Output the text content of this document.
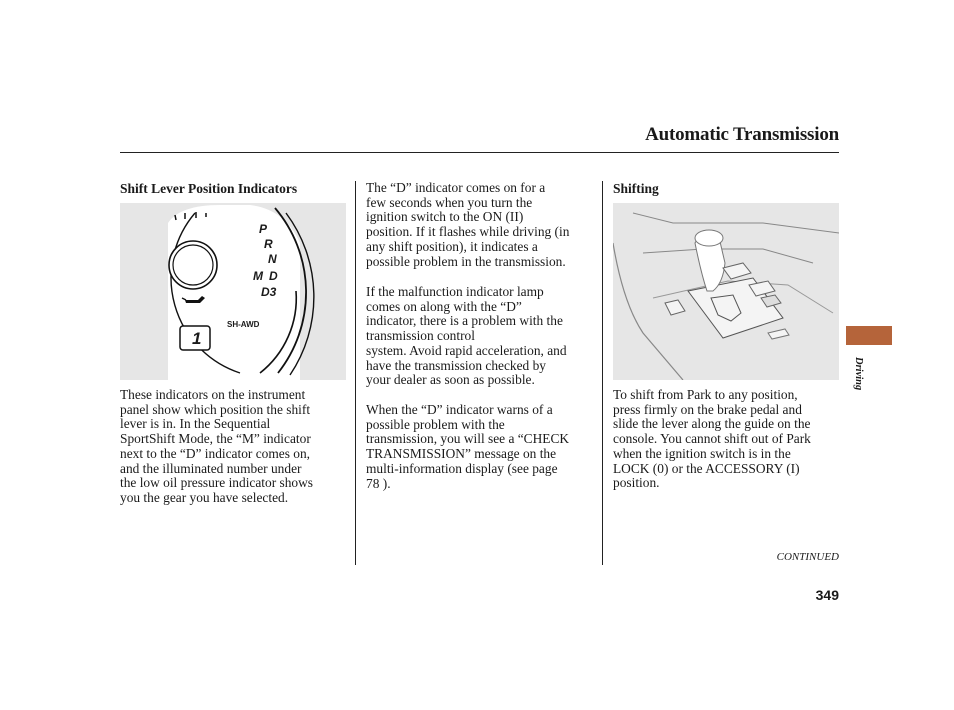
Automatic Transmission
Shift Lever Position Indicators
P
R
N
M D
D3
1
SH-AWD

These indicators on the instrument
panel show which position the shift
lever is in. In the Sequential
SportShift Mode, the “M” indicator
next to the “D” indicator comes on,
and the illuminated number under
the low oil pressure indicator shows
you the gear you have selected.

The “D” indicator comes on for a
few seconds when you turn the
ignition switch to the ON (II)
position. If it flashes while driving (in
any shift position), it indicates a
possible problem in the transmission.

If the malfunction indicator lamp
comes on along with the “D”
indicator, there is a problem with the
transmission control
system. Avoid rapid acceleration, and
have the transmission checked by
your dealer as soon as possible.

When the “D” indicator warns of a
possible problem with the
transmission, you will see a “CHECK
TRANSMISSION” message on the
multi-information display (see page
78 ).

Shifting

To shift from Park to any position,
press firmly on the brake pedal and
slide the lever along the guide on the
console. You cannot shift out of Park
when the ignition switch is in the
LOCK (0) or the ACCESSORY (I)
position.

Driving
CONTINUED
349
